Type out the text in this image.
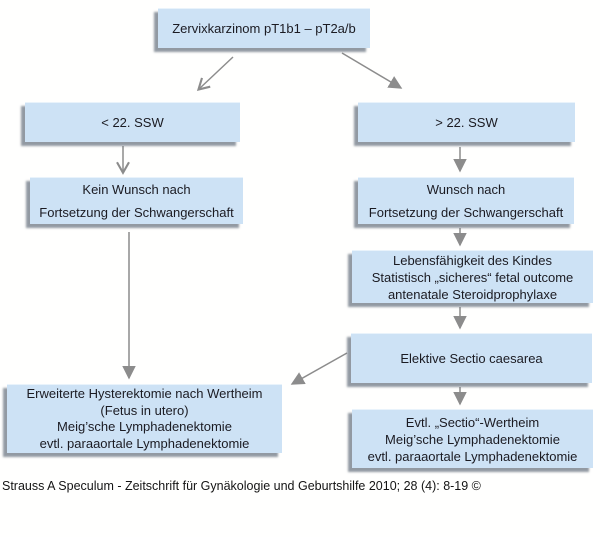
Zervixkarzinom pT1b1 – pT2a/b
< 22. SSW	> 22. SSW
Kein Wunsch nach
Fortsetzung der Schwangerschaft
Wunsch nach
Fortsetzung der Schwangerschaft
Lebensfähigkeit des Kindes
Statistisch „sicheres“ fetal outcome
antenatale Steroidprophylaxe
Elektive Sectio caesarea
Erweiterte Hysterektomie nach Wertheim
(Fetus in utero)
Meig’sche Lymphadenektomie
evtl. paraaortale Lymphadenektomie
Evtl. „Sectio“-Wertheim
Meig’sche Lymphadenektomie
evtl. paraaortale Lymphadenektomie
Strauss A Speculum - Zeitschrift für Gynäkologie und Geburtshilfe 2010; 28 (4): 8-19 ©
